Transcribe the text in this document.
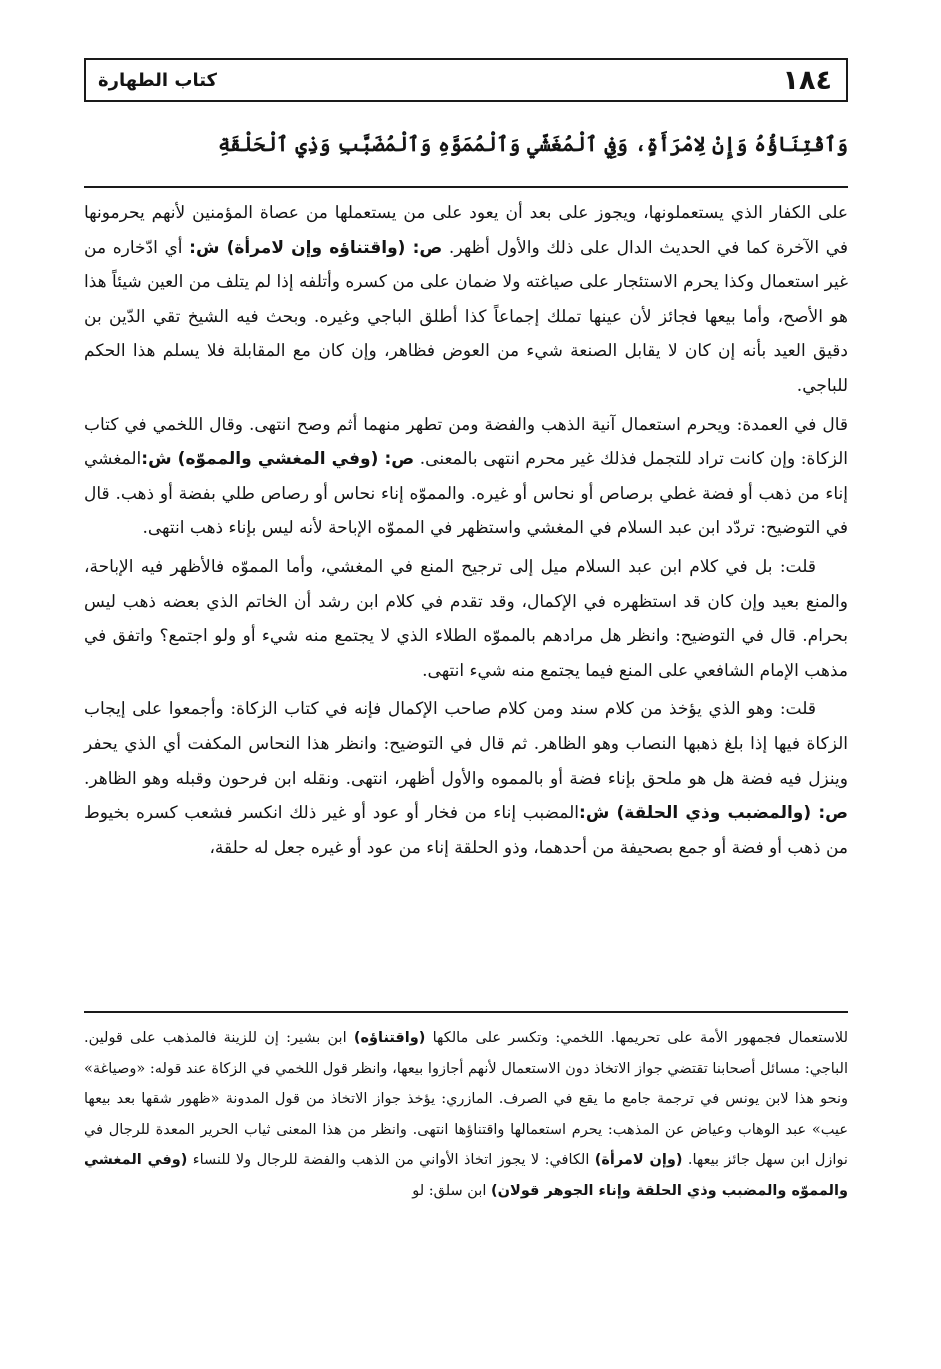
١٨٤
كتاب الطهارة
وَٱقْتِنَاؤُهُ وَإِنْ لِامْرَأَةٍ، وَفِي ٱلْمُغَشّي وَٱلْمُمَوَّهِ وَٱلْمُضَبَّبِ وَذِي ٱلْحَلْقَةِ

على الكفار الذي يستعملونها، ويجوز على بعد أن يعود على من يستعملها من عصاة المؤمنين لأنهم يحرمونها في الآخرة كما في الحديث الدال على ذلك والأول أظهر. ص: (واقتناؤه وإن لامرأة) ش: أي ادّخاره من غير استعمال وكذا يحرم الاستئجار على صياغته ولا ضمان على من كسره وأتلفه إذا لم يتلف من العين شيئاً هذا هو الأصح، وأما بيعها فجائز لأن عينها تملك إجماعاً كذا أطلق الباجي وغيره. وبحث فيه الشيخ تقي الدّين بن دقيق العيد بأنه إن كان لا يقابل الصنعة شيء من العوض فظاهر، وإن كان مع المقابلة فلا يسلم هذا الحكم للباجي.

قال في العمدة: ويحرم استعمال آنية الذهب والفضة ومن تطهر منهما أثم وصح انتهى. وقال اللخمي في كتاب الزكاة: وإن كانت تراد للتجمل فذلك غير محرم انتهى بالمعنى. ص: (وفي المغشي والمموّه) ش:المغشي إناء من ذهب أو فضة غطي برصاص أو نحاس أو غيره. والمموّه إناء نحاس أو رصاص طلي بفضة أو ذهب. قال في التوضيح: تردّد ابن عبد السلام في المغشي واستظهر في المموّه الإباحة لأنه ليس بإناء ذهب انتهى.

قلت: بل في كلام ابن عبد السلام ميل إلى ترجيح المنع في المغشي، وأما المموّه فالأظهر فيه الإباحة، والمنع بعيد وإن كان قد استظهره في الإكمال، وقد تقدم في كلام ابن رشد أن الخاتم الذي بعضه ذهب ليس بحرام. قال في التوضيح: وانظر هل مرادهم بالمموّه الطلاء الذي لا يجتمع منه شيء أو ولو اجتمع؟ واتفق في مذهب الإمام الشافعي على المنع فيما يجتمع منه شيء انتهى.

قلت: وهو الذي يؤخذ من كلام سند ومن كلام صاحب الإكمال فإنه في كتاب الزكاة: وأجمعوا على إيجاب الزكاة فيها إذا بلغ ذهبها النصاب وهو الظاهر. ثم قال في التوضيح: وانظر هذا النحاس المكفت أي الذي يحفر وينزل فيه فضة هل هو ملحق بإناء فضة أو بالمموه والأول أظهر، انتهى. ونقله ابن فرحون وقبله وهو الظاهر. ص: (والمضبب وذي الحلقة) ش:المضبب إناء من فخار أو عود أو غير ذلك انكسر فشعب كسره بخيوط من ذهب أو فضة أو جمع بصحيفة من أحدهما، وذو الحلقة إناء من عود أو غيره جعل له حلقة،

للاستعمال فجمهور الأمة على تحريمها. اللخمي: وتكسر على مالكها (واقتناؤه) ابن بشير: إن للزينة فالمذهب على قولين. الباجي: مسائل أصحابنا تقتضي جواز الاتخاذ دون الاستعمال لأنهم أجازوا بيعها، وانظر قول اللخمي في الزكاة عند قوله: «وصياغة» ونحو هذا لابن يونس في ترجمة جامع ما يقع في الصرف. المازري: يؤخذ جواز الاتخاذ من قول المدونة «ظهور شقها بعد بيعها عيب» عبد الوهاب وعياض عن المذهب: يحرم استعمالها واقتناؤها انتهى. وانظر من هذا المعنى ثياب الحرير المعدة للرجال في نوازل ابن سهل جائز بيعها. (وإن لامرأة) الكافي: لا يجوز اتخاذ الأواني من الذهب والفضة للرجال ولا للنساء (وفي المغشي والمموّه والمضبب وذي الحلقة وإناء الجوهر قولان) ابن سلق: لو
